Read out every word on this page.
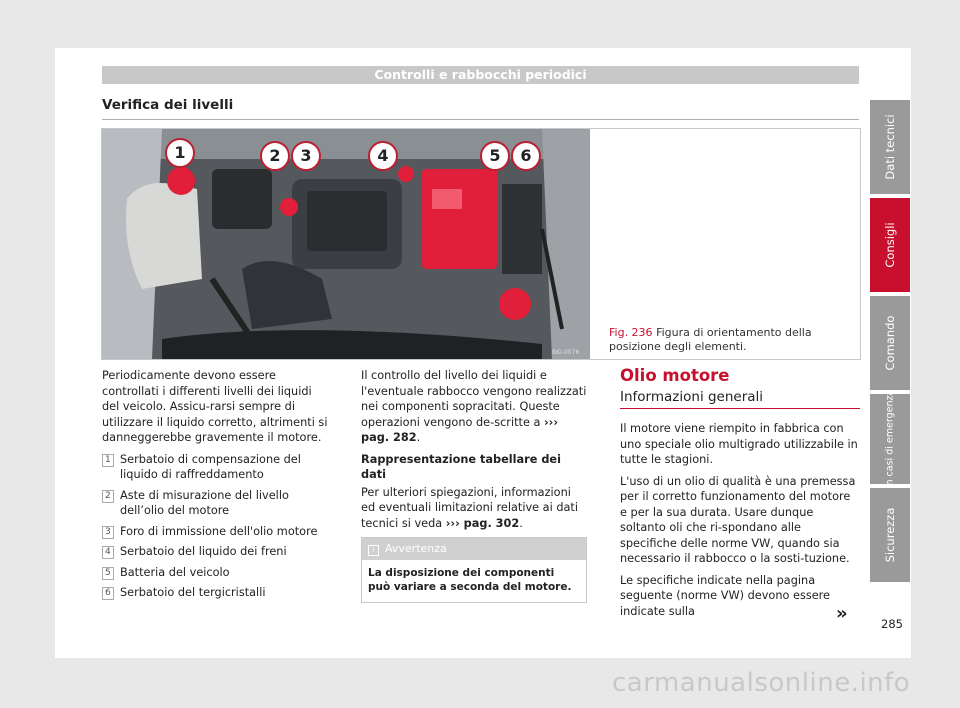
Controlli e rabbocchi periodici
Verifica dei livelli
BKI-0076
1	2	3	4	5	6
Fig. 236 Figura di orientamento della posizione degli elementi.

Periodicamente devono essere controllati i differenti livelli dei liquidi del veicolo. Assicu-rarsi sempre di utilizzare il liquido corretto, altrimenti si danneggerebbe gravemente il motore.

1 Serbatoio di compensazione del liquido di raffreddamento
2 Aste di misurazione del livello dell’olio del motore
3 Foro di immissione dell'olio motore
4 Serbatoio del liquido dei freni
5 Batteria del veicolo
6 Serbatoio del tergicristalli

Il controllo del livello dei liquidi e l'eventuale rabbocco vengono realizzati nei componenti sopracitati. Queste operazioni vengono de-scritte a ››› pag. 282.

Rappresentazione tabellare dei dati

Per ulteriori spiegazioni, informazioni ed eventuali limitazioni relative ai dati tecnici si veda ››› pag. 302.

i Avvertenza
La disposizione dei componenti può variare a seconda del motore.
Olio motore
Informazioni generali

Il motore viene riempito in fabbrica con uno speciale olio multigrado utilizzabile in tutte le stagioni.

L'uso di un olio di qualità è una premessa per il corretto funzionamento del motore e per la sua durata. Usare dunque soltanto oli che ri-spondano alle specifiche delle norme VW, quando sia necessario il rabbocco o la sosti-tuzione.

Le specifiche indicate nella pagina seguente (norme VW) devono essere indicate sulla	»
Dati tecnici
Consigli
Comando
In casi di emergenza
Sicurezza
285
carmanualsonline.info
